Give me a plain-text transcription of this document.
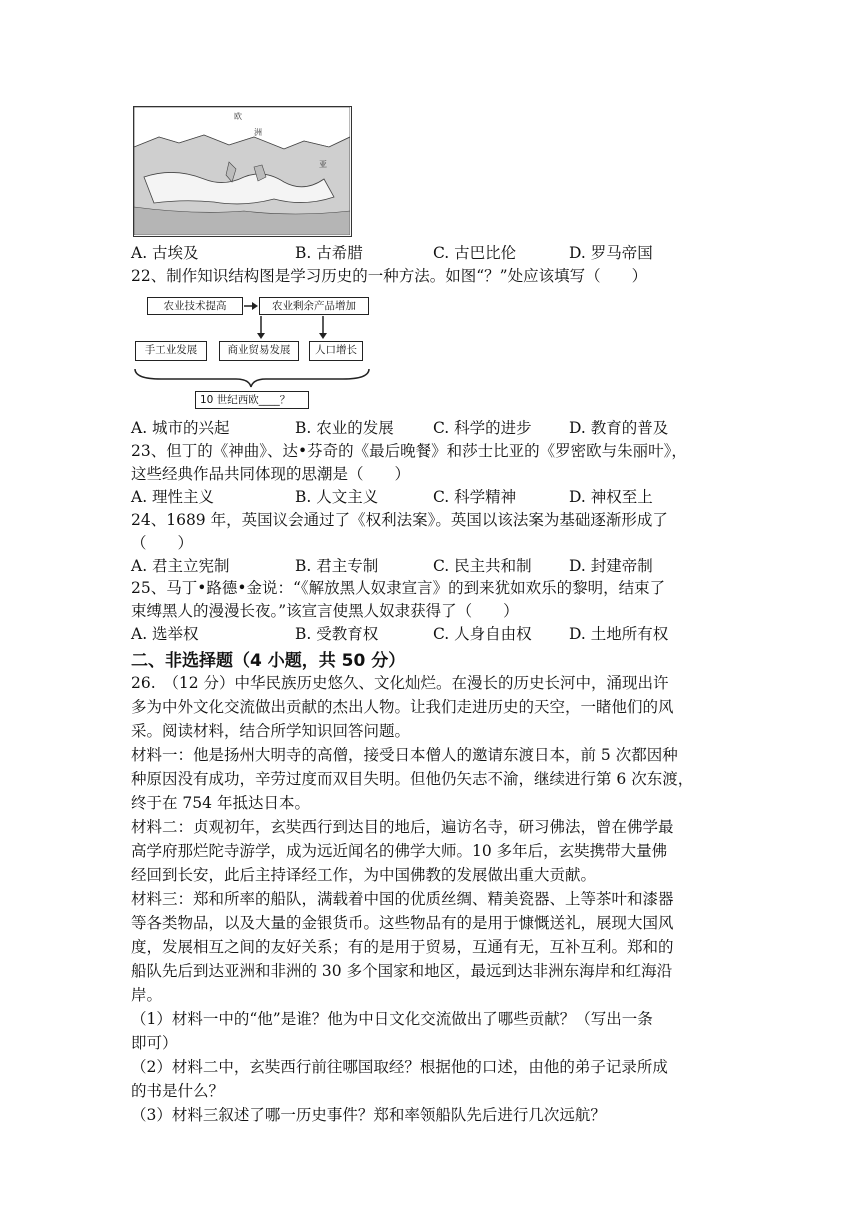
欧
洲
亚
A. 古埃及	B. 古希腊	C. 古巴比伦	D. 罗马帝国
22、制作知识结构图是学习历史的一种方法。如图“？”处应该填写（　　）
农业技术提高	农业剩余产品增加
手工业发展	商业贸易发展	人口增长
10 世纪西欧____？
A. 城市的兴起	B. 农业的发展	C. 科学的进步 D. 教育的普及
23、但丁的《神曲》、达•芬奇的《最后晚餐》和莎士比亚的《罗密欧与朱丽叶》，
这些经典作品共同体现的思潮是（　　）
A. 理性主义	B. 人文主义	C. 科学精神	D. 神权至上
24、1689 年，英国议会通过了《权利法案》。英国以该法案为基础逐渐形成了
（　　）
A. 君主立宪制	B. 君主专制	C. 民主共和制 D. 封建帝制
25、马丁•路德•金说：“《解放黑人奴隶宣言》的到来犹如欢乐的黎明，结束了
束缚黑人的漫漫长夜。”该宣言使黑人奴隶获得了（　　）
A. 选举权	B. 受教育权	C. 人身自由权 D. 土地所有权
二、非选择题（4 小题，共 50 分）
26.　（12 分）中华民族历史悠久、文化灿烂。在漫长的历史长河中，涌现出许
多为中外文化交流做出贡献的杰出人物。让我们走进历史的天空，一睹他们的风
采。阅读材料，结合所学知识回答问题。
材料一：他是扬州大明寺的高僧，接受日本僧人的邀请东渡日本，前 5 次都因种
种原因没有成功，辛劳过度而双目失明。但他仍矢志不渝，继续进行第 6 次东渡，
终于在 754 年抵达日本。
材料二：贞观初年，玄奘西行到达目的地后，遍访名寺，研习佛法，曾在佛学最
高学府那烂陀寺游学，成为远近闻名的佛学大师。10 多年后，玄奘携带大量佛
经回到长安，此后主持译经工作，为中国佛教的发展做出重大贡献。
材料三：郑和所率的船队，满载着中国的优质丝绸、精美瓷器、上等茶叶和漆器
等各类物品，以及大量的金银货币。这些物品有的是用于慷慨送礼，展现大国风
度，发展相互之间的友好关系；有的是用于贸易，互通有无，互补互利。郑和的
船队先后到达亚洲和非洲的 30 多个国家和地区，最远到达非洲东海岸和红海沿
岸。
（1）材料一中的“他”是谁？他为中日文化交流做出了哪些贡献？（写出一条
即可）
（2）材料二中，玄奘西行前往哪国取经？根据他的口述，由他的弟子记录所成
的书是什么？
（3）材料三叙述了哪一历史事件？郑和率领船队先后进行几次远航？
